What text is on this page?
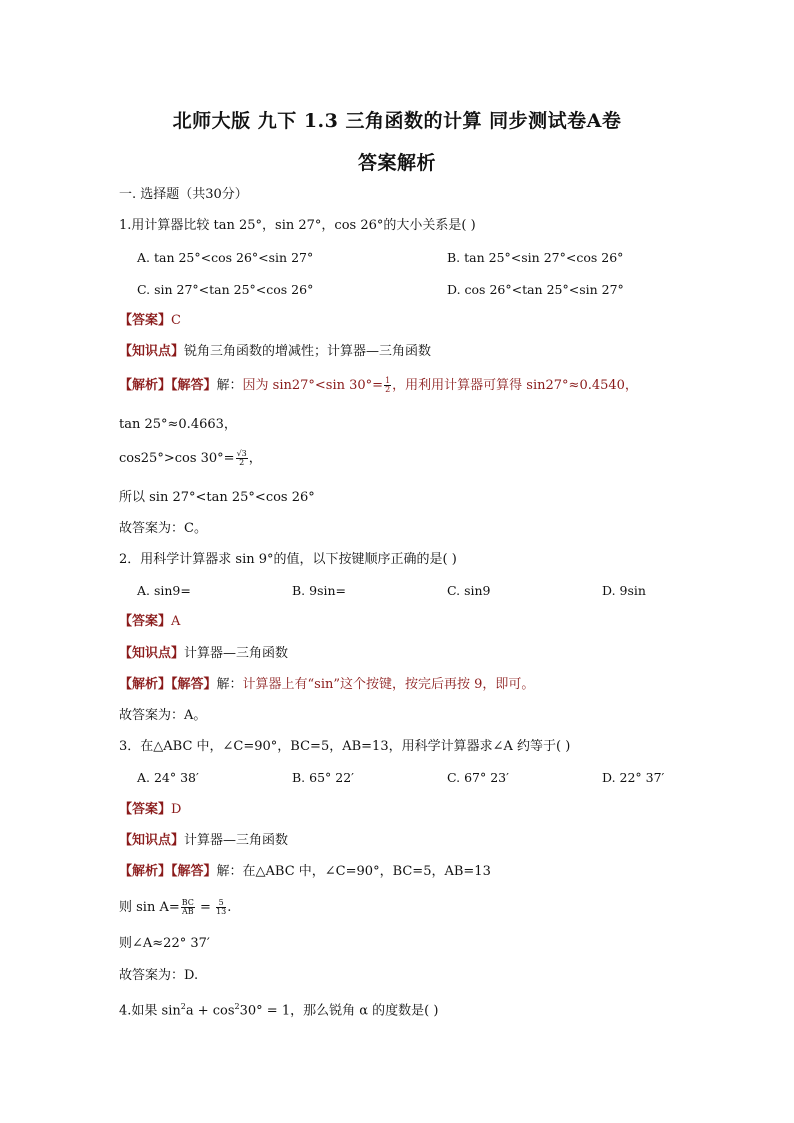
北师大版 九下 1.3 三角函数的计算 同步测试卷A卷
答案解析
一. 选择题（共30分）
1.用计算器比较 tan 25°，sin 27°，cos 26°的大小关系是( )
A. tan 25°<cos 26°<sin 27°	B. tan 25°<sin 27°<cos 26°
C. sin 27°<tan 25°<cos 26°	D. cos 26°<tan 25°<sin 27°
【答案】C
【知识点】锐角三角函数的增减性；计算器—三角函数
【解析】【解答】解：因为 sin27°<sin $30^\circ= \frac{1}{2}$ ，用利用计算器可算得 sin27°≈0.4540，
tan 25°≈0.4663，
cos25°>cos $30^\circ= \frac{√3}{2}$ ，
所以 sin 27°<tan 25°<cos 26°
故答案为：C。
2．用科学计算器求 sin 9°的值，以下按键顺序正确的是( )
A. sin9=	B. 9sin=	C. sin9	D. 9sin
【答案】A
【知识点】计算器—三角函数
【解析】【解答】解：计算器上有“sin”这个按键，按完后再按 9，即可。
故答案为：A。
3．在△ABC 中，∠C=90°，BC=5，AB=13，用科学计算器求∠A 约等于( )
A. 24° 38′	B. 65° 22′	C. 67° 23′	D. 22° 37′
【答案】D
【知识点】计算器—三角函数
【解析】【解答】解：在△ABC 中，∠C=90°，BC=5，AB=13
则 $\sin A= \frac{BC}{AB} = \frac{5}{13}$ .
则∠A≈22° 37′
故答案为：D.
4.如果 $\sin^2a + \cos^230^\circ = 1$，那么锐角 α 的度数是( )
